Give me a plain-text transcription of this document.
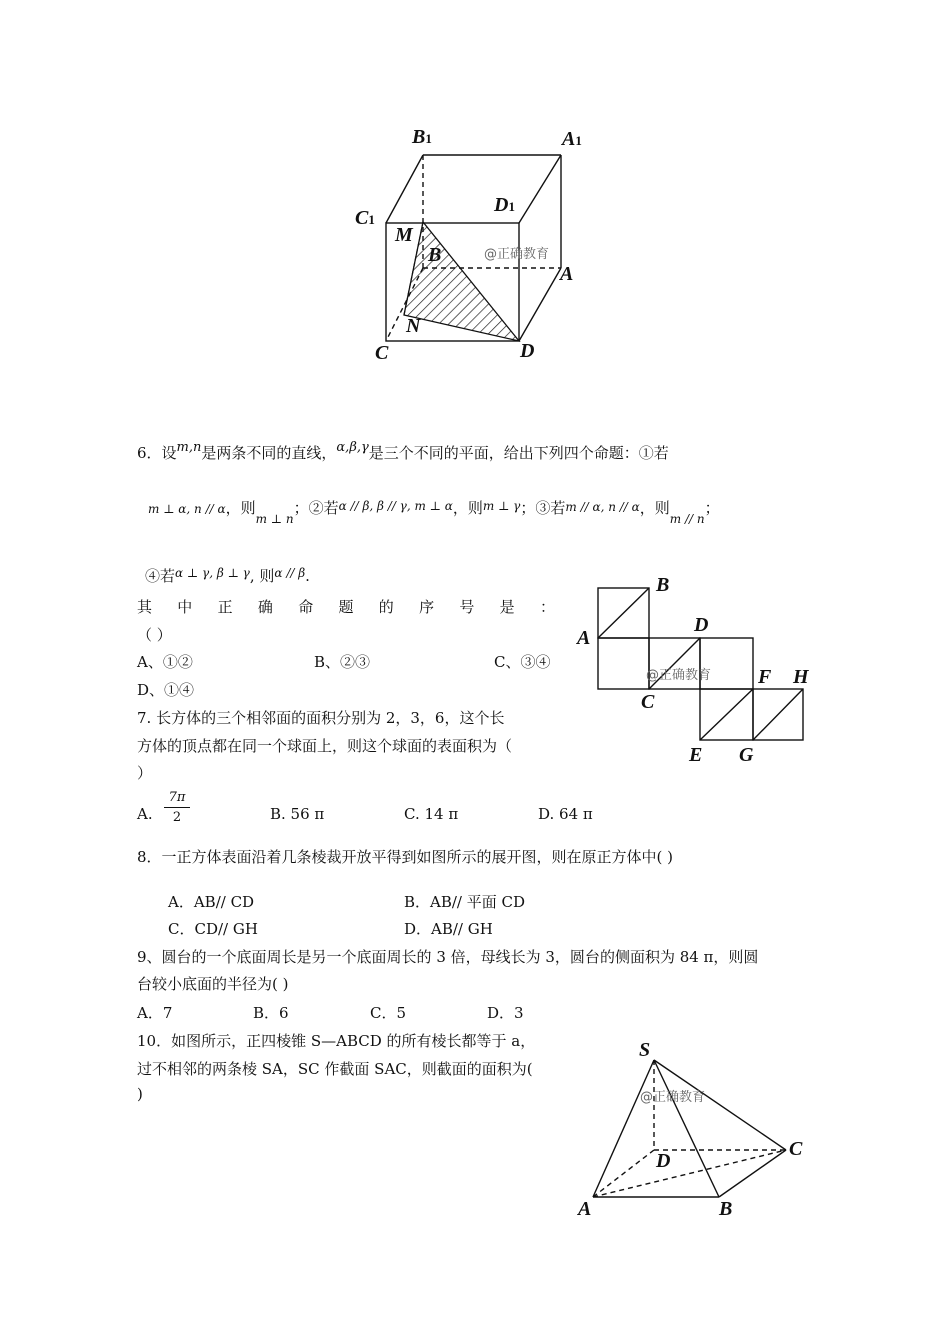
B1	A1
C1
D1
M
B
A
N
C	D
@正确教育
6．设m,n是两条不同的直线，α,β,γ是三个不同的平面，给出下列四个命题：①若
m ⊥ α, n // α，则$_{m \perp n}$；②若$^{\alpha // \beta, \beta // \gamma, m \perp \alpha}$，则$^{m \perp \gamma}$；③若m // α, n // α，则$_{m // n}$；
④若$^{\alpha \perp \gamma, \beta \perp \gamma}$, 则$^{\alpha // \beta}$.
其 中 正 确 命 题 的 序 号 是 ：
（ ）
A、①②	B、②③	C、③④
D、①④
B
A
D
C
F H
E G
@正确教育
7. 长方体的三个相邻面的面积分别为 2，3，6，这个长
方体的顶点都在同一个球面上，则这个球面的表面积为（
）
A.
7π
2	B. 56 π	C. 14 π	D. 64 π
8．一正方体表面沿着几条棱裁开放平得到如图所示的展开图，则在原正方体中( )
A．AB// CD	B．AB// 平面 CD
C．CD// GH	D．AB// GH
9、圆台的一个底面周长是另一个底面周长的 3 倍，母线长为 3，圆台的侧面积为 84 π，则圆
台较小底面的半径为( )
A．7	B．6	C．5	D．3
10．如图所示，正四棱锥 S—ABCD 的所有棱长都等于 a，
过不相邻的两条棱 SA，SC 作截面 SAC，则截面的面积为(
)
S
C
D
A	B
@正确教育
